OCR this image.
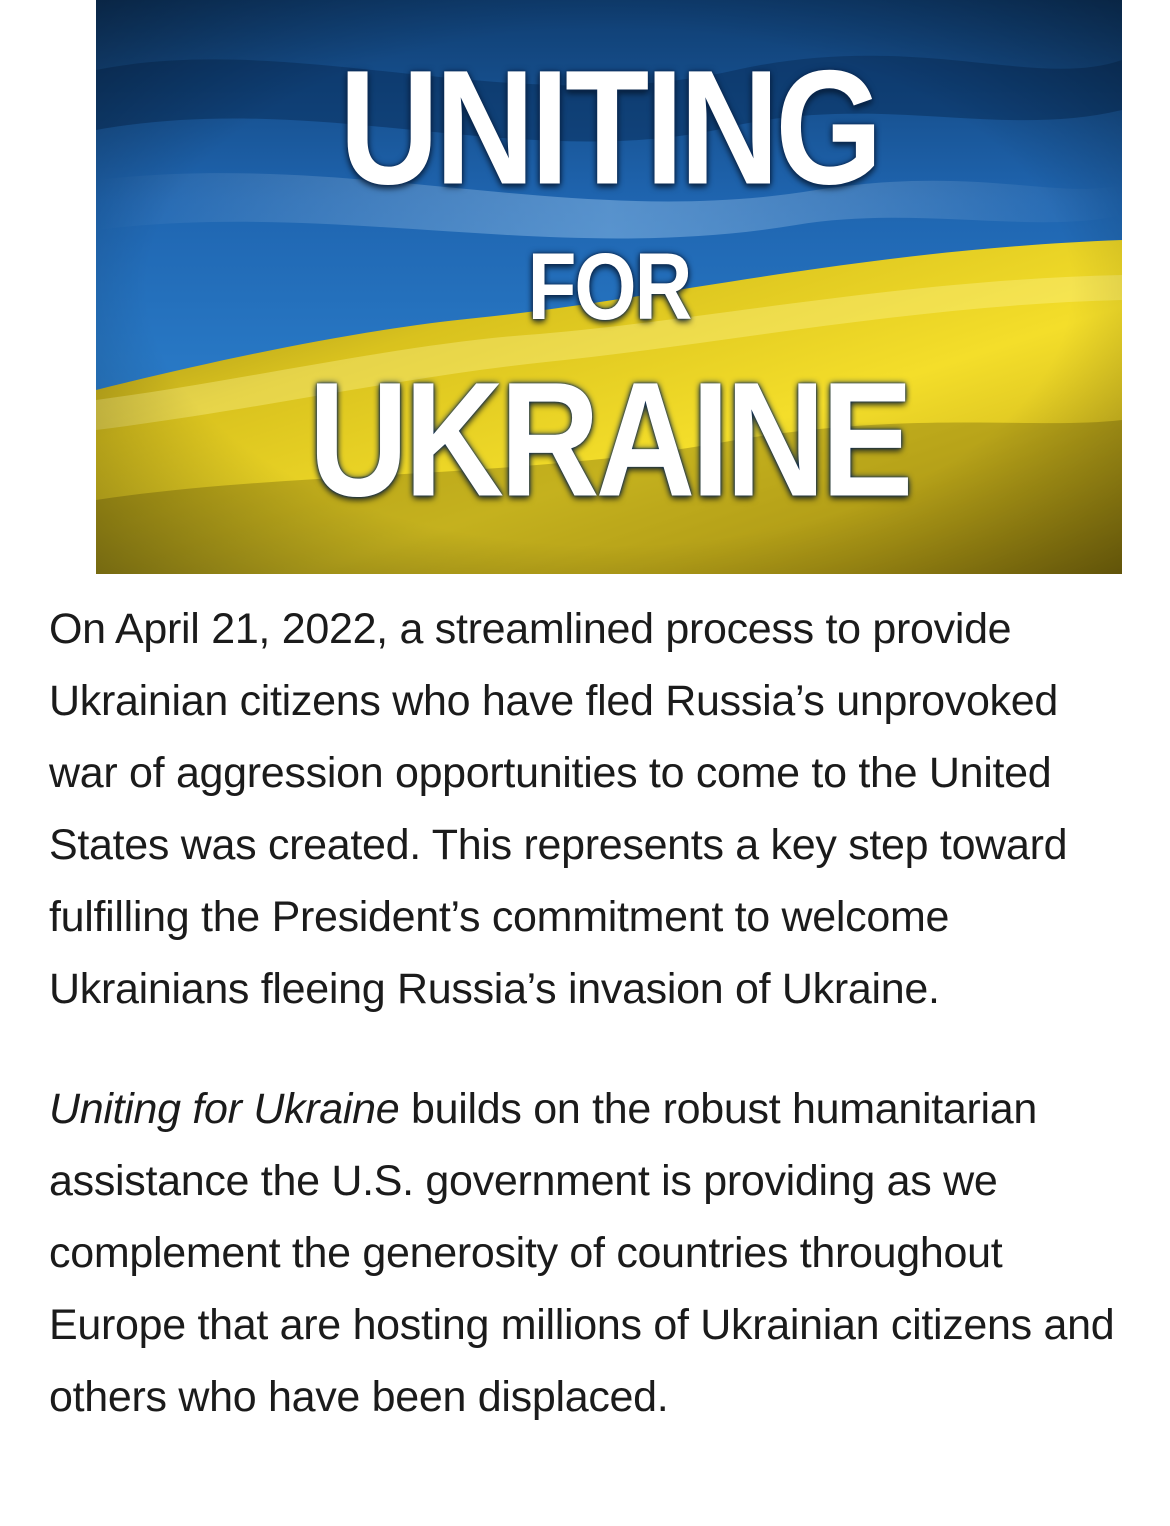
UNITING
FOR
UKRAINE

On April 21, 2022, a streamlined process to provide Ukrainian citizens who have fled Russia’s unprovoked war of aggression opportunities to come to the United States was created. This represents a key step toward fulfilling the President’s commitment to welcome Ukrainians fleeing Russia’s invasion of Ukraine.

Uniting for Ukraine builds on the robust humanitarian assistance the U.S. government is providing as we complement the generosity of countries throughout Europe that are hosting millions of Ukrainian citizens and others who have been displaced.
